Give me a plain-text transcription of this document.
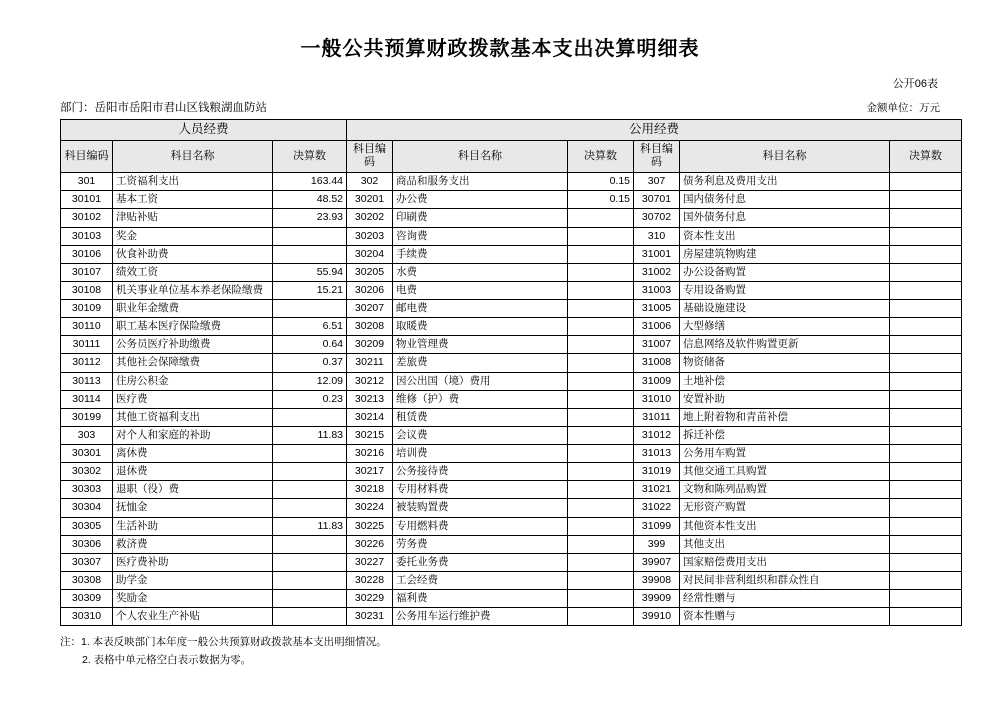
一般公共预算财政拨款基本支出决算明细表
公开06表
部门：岳阳市岳阳市君山区钱粮湖血防站	金额单位：万元
人员经费			公用经费					
科目编码	科目名称	决算数	科目编码	科目名称	决算数	科目编码	科目名称	决算数
301	工资福利支出	163.44	302	商品和服务支出	0.15	307	债务利息及费用支出	
30101	基本工资	48.52	30201	办公费	0.15	30701	国内债务付息	
30102	津贴补贴	23.93	30202	印刷费		30702	国外债务付息	
30103	奖金		30203	咨询费		310	资本性支出	
30106	伙食补助费		30204	手续费		31001	房屋建筑物购建	
30107	绩效工资	55.94	30205	水费		31002	办公设备购置	
30108	机关事业单位基本养老保险缴费	15.21	30206	电费		31003	专用设备购置	
30109	职业年金缴费		30207	邮电费		31005	基础设施建设	
30110	职工基本医疗保险缴费	6.51	30208	取暖费		31006	大型修缮	
30111	公务员医疗补助缴费	0.64	30209	物业管理费		31007	信息网络及软件购置更新	
30112	其他社会保障缴费	0.37	30211	差旅费		31008	物资储备	
30113	住房公积金	12.09	30212	因公出国（境）费用		31009	土地补偿	
30114	医疗费	0.23	30213	维修（护）费		31010	安置补助	
30199	其他工资福利支出		30214	租赁费		31011	地上附着物和青苗补偿	
303	对个人和家庭的补助	11.83	30215	会议费		31012	拆迁补偿	
30301	离休费		30216	培训费		31013	公务用车购置	
30302	退休费		30217	公务接待费		31019	其他交通工具购置	
30303	退职（役）费		30218	专用材料费		31021	文物和陈列品购置	
30304	抚恤金		30224	被装购置费		31022	无形资产购置	
30305	生活补助	11.83	30225	专用燃料费		31099	其他资本性支出	
30306	救济费		30226	劳务费		399	其他支出	
30307	医疗费补助		30227	委托业务费		39907	国家赔偿费用支出	
30308	助学金		30228	工会经费		39908	对民间非营利组织和群众性自	
30309	奖励金		30229	福利费		39909	经常性赠与	
30310	个人农业生产补贴		30231	公务用车运行维护费		39910	资本性赠与	
注：1. 本表反映部门本年度一般公共预算财政拨款基本支出明细情况。
2. 表格中单元格空白表示数据为零。
